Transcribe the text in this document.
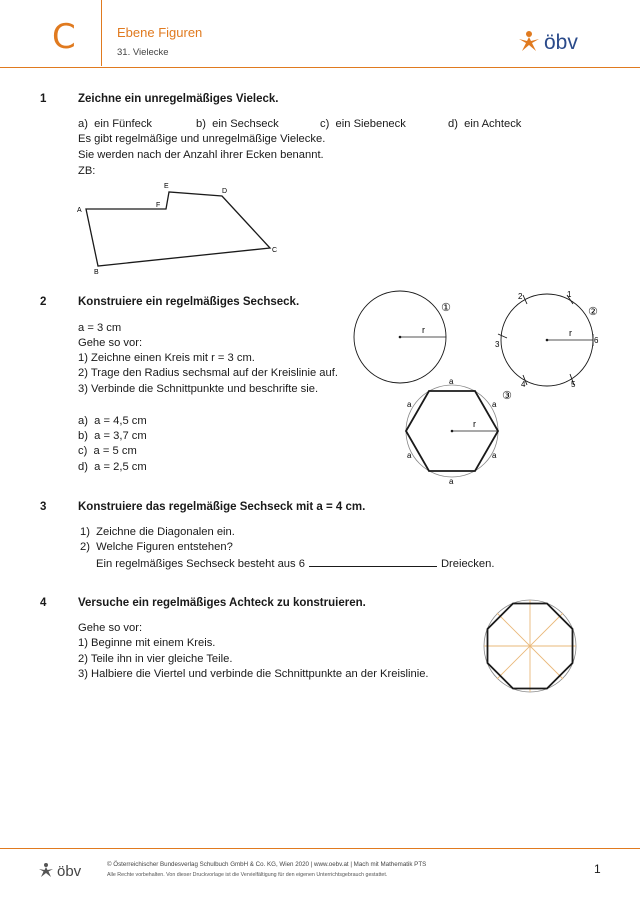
C	Ebene Figuren
31. Vielecke	öbv
1	Zeichne ein unregelmäßiges Vieleck.
a) ein Fünfeck	b) ein Sechseck	c) ein Siebeneck	d) ein Achteck
Es gibt regelmäßige und unregelmäßige Vielecke.
Sie werden nach der Anzahl ihrer Ecken benannt.
ZB:
A
B
C
D
E
F
2	Konstruiere ein regelmäßiges Sechseck.
a = 3 cm
Gehe so vor:
1) Zeichne einen Kreis mit r = 3 cm.
2) Trage den Radius sechsmal auf der Kreislinie auf.
3) Verbinde die Schnittpunkte und beschrifte sie.
a) a = 4,5 cm
b) a = 3,7 cm
c) a = 5 cm
d) a = 2,5 cm
r
①
r
1
2
3
4	5
6
②
r
a
a
a
a
a
a
③
3	Konstruiere das regelmäßige Sechseck mit a = 4 cm.
1) Zeichne die Diagonalen ein.
2) Welche Figuren entstehen?
Ein regelmäßiges Sechseck besteht aus 6	Dreiecken.
4	Versuche ein regelmäßiges Achteck zu konstruieren.
Gehe so vor:
1) Beginne mit einem Kreis.
2) Teile ihn in vier gleiche Teile.
3) Halbiere die Viertel und verbinde die Schnittpunkte an der Kreislinie.
öbv	© Österreichischer Bundesverlag Schulbuch GmbH & Co. KG, Wien 2020 | www.oebv.at | Mach mit Mathematik PTS
Alle Rechte vorbehalten. Von dieser Druckvorlage ist die Vervielfältigung für den eigenen Unterrichtsgebrauch gestattet.	1
